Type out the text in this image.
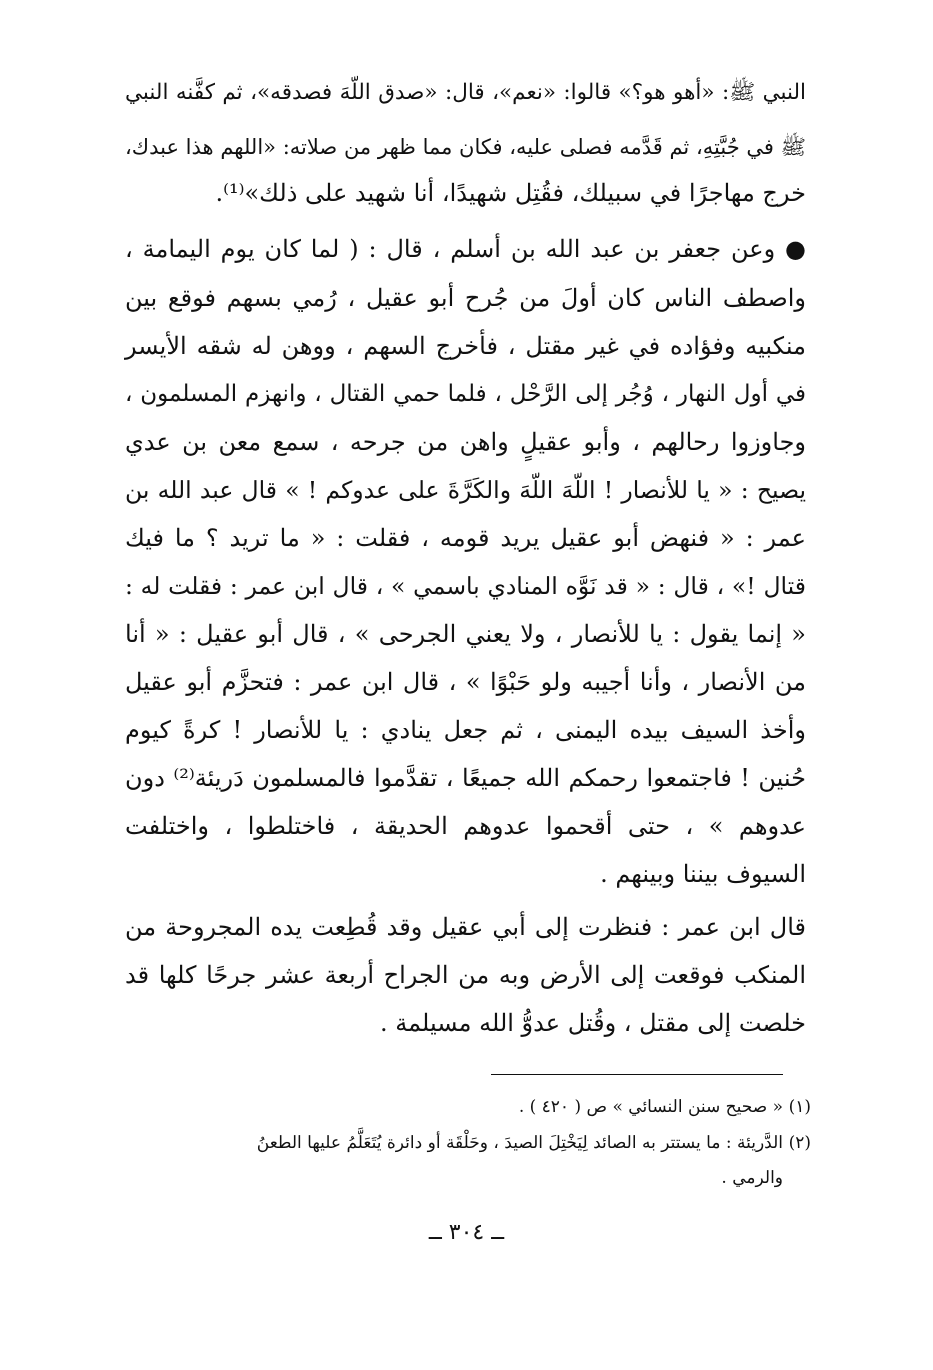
النبي ﷺ: «أهو هو؟» قالوا: «نعم»، قال: «صدق اللّهَ فصدقه»، ثم كفَّنه النبي
ﷺ في جُبَّتِهِ، ثم قَدَّمه فصلى عليه، فكان مما ظهر من صلاته: «اللهم هذا عبدك،
خرج مهاجرًا في سبيلك، فقُتِل شهيدًا، أنا شهيد على ذلك»⁽¹⁾.
● وعن جعفر بن عبد الله بن أسلم ، قال : ( لما كان يوم اليمامة ،
واصطف الناس كان أولَ من جُرح أبو عقيل ، رُمي بسهم فوقع بين
منكبيه وفؤاده في غير مقتل ، فأخرج السهم ، ووهن له شقه الأيسر
في أول النهار ، وُجُر إلى الرَّحْل ، فلما حمي القتال ، وانهزم المسلمون ،
وجاوزوا رحالهم ، وأبو عقيلٍ واهن من جرحه ، سمع معن بن عدي
يصيح : « يا للأنصار ! اللّهَ اللّهَ والكَرَّةَ على عدوكم ! » قال عبد الله بن
عمر : « فنهض أبو عقيل يريد قومه ، فقلت : « ما تريد ؟ ما فيك
قتال !» ، قال : « قد نَوَّه المنادي باسمي » ، قال ابن عمر : فقلت له :
« إنما يقول : يا للأنصار ، ولا يعني الجرحى » ، قال أبو عقيل : « أنا
من الأنصار ، وأنا أجيبه ولو حَبْوًا » ، قال ابن عمر : فتحزَّم أبو عقيل
وأخذ السيف بيده اليمنى ، ثم جعل ينادي : يا للأنصار ! كرةً كيوم
حُنين ! فاجتمعوا رحمكم الله جميعًا ، تقدَّموا فالمسلمون دَريئة⁽²⁾ دون
عدوهم » ، حتى أقحموا عدوهم الحديقة ، فاختلطوا ، واختلفت
السيوف بيننا وبينهم .
قال ابن عمر : فنظرت إلى أبي عقيل وقد قُطِعت يده المجروحة من
المنكب فوقعت إلى الأرض وبه من الجراح أربعة عشر جرحًا كلها قد
خلصت إلى مقتل ، وقُتل عدوُّ الله مسيلمة .
(١)
« صحيح سنن النسائي » ص ( ٤٢٠ ) .
(٢)
الدَّريئة : ما يستتر به الصائد لِيَخْتِلَ الصيدَ ، وحَلْقَة أو دائرة يُتَعَلَّمُ عليها الطعنُ
والرمي .
ــ ٣٠٤ ــ
